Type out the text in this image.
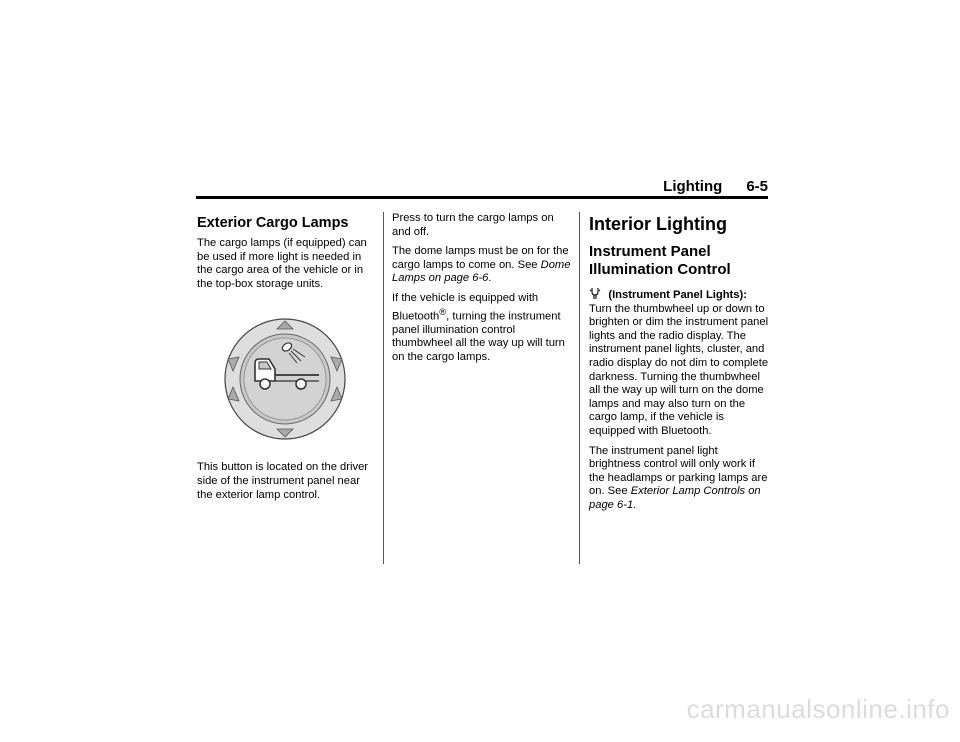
Lighting 6-5
Exterior Cargo Lamps

The cargo lamps (if equipped) can be used if more light is needed in the cargo area of the vehicle or in the top-box storage units.

This button is located on the driver side of the instrument panel near the exterior lamp control.

Press to turn the cargo lamps on and off.

The dome lamps must be on for the cargo lamps to come on. See Dome Lamps on page 6-6.

If the vehicle is equipped with Bluetooth®, turning the instrument panel illumination control thumbwheel all the way up will turn on the cargo lamps.

Interior Lighting
Instrument Panel Illumination Control

(Instrument Panel Lights): Turn the thumbwheel up or down to brighten or dim the instrument panel lights and the radio display. The instrument panel lights, cluster, and radio display do not dim to complete darkness. Turning the thumbwheel all the way up will turn on the dome lamps and may also turn on the cargo lamp, if the vehicle is equipped with Bluetooth.

The instrument panel light brightness control will only work if the headlamps or parking lamps are on. See Exterior Lamp Controls on page 6-1.

carmanualsonline.info
